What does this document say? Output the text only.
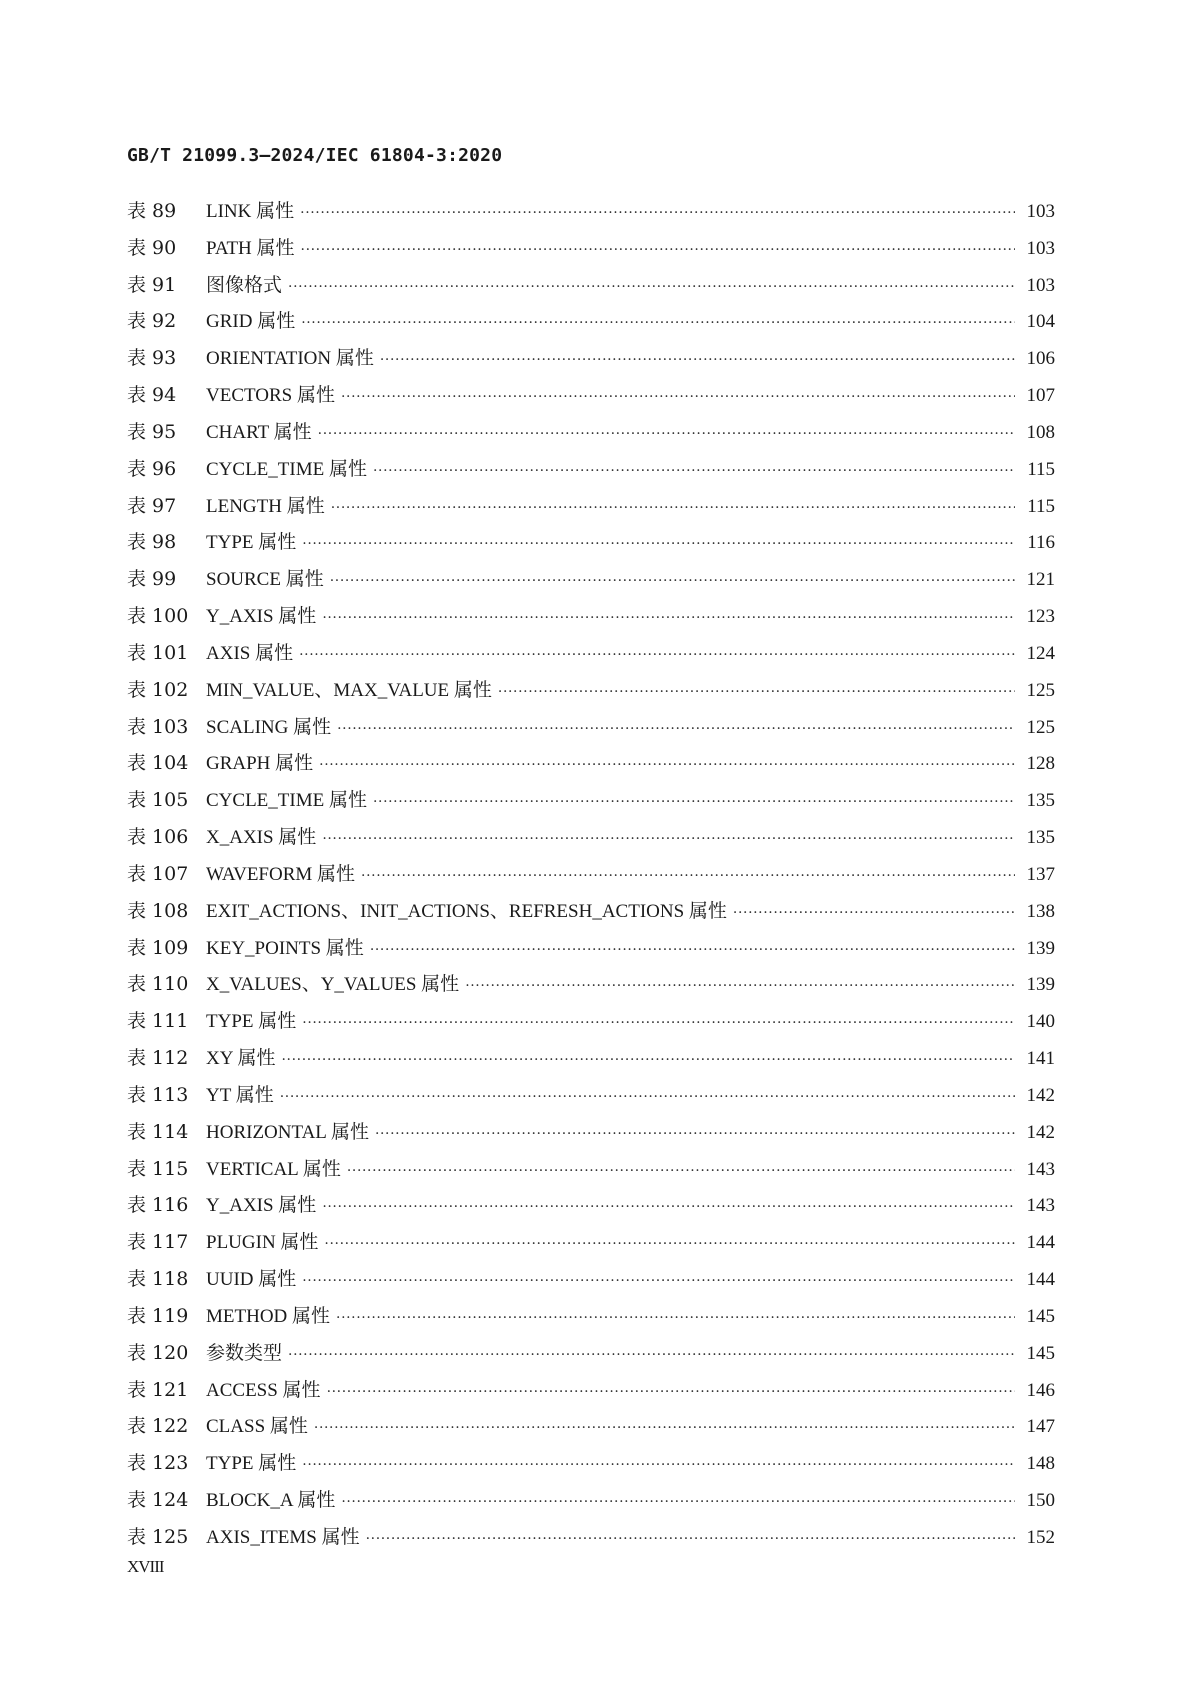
GB/T 21099.3—2024/IEC 61804-3:2020
表 89	LINK 属性 ·····	103
表 90	PATH 属性 ·····	103
表 91	图像格式 ·····	103
表 92	GRID 属性 ·····	104
表 93	ORIENTATION 属性 ·····	106
表 94	VECTORS 属性 ·····	107
表 95	CHART 属性 ·····	108
表 96	CYCLE_TIME 属性 ·····	115
表 97	LENGTH 属性 ·····	115
表 98	TYPE 属性 ·····	116
表 99	SOURCE 属性 ·····	121
表 100 Y_AXIS 属性 ·····	123
表 101 AXIS 属性 ·····	124
表 102 MIN_VALUE、MAX_VALUE 属性 ·····	125
表 103 SCALING 属性 ·····	125
表 104 GRAPH 属性 ·····	128
表 105 CYCLE_TIME 属性 ·····	135
表 106 X_AXIS 属性 ·····	135
表 107 WAVEFORM 属性 ·····	137
表 108 EXIT_ACTIONS、INIT_ACTIONS、REFRESH_ACTIONS 属性 ·····	138
表 109 KEY_POINTS 属性 ·····	139
表 110 X_VALUES、Y_VALUES 属性 ·····	139
表 111 TYPE 属性 ·····	140
表 112 XY 属性 ·····	141
表 113 YT 属性 ·····	142
表 114 HORIZONTAL 属性 ·····	142
表 115 VERTICAL 属性 ·····	143
表 116 Y_AXIS 属性 ·····	143
表 117 PLUGIN 属性 ·····	144
表 118 UUID 属性 ·····	144
表 119 METHOD 属性 ·····	145
表 120 参数类型 ·····	145
表 121 ACCESS 属性 ·····	146
表 122 CLASS 属性 ·····	147
表 123 TYPE 属性 ·····	148
表 124 BLOCK_A 属性 ·····	150
表 125 AXIS_ITEMS 属性 ·····	152
XVIII
